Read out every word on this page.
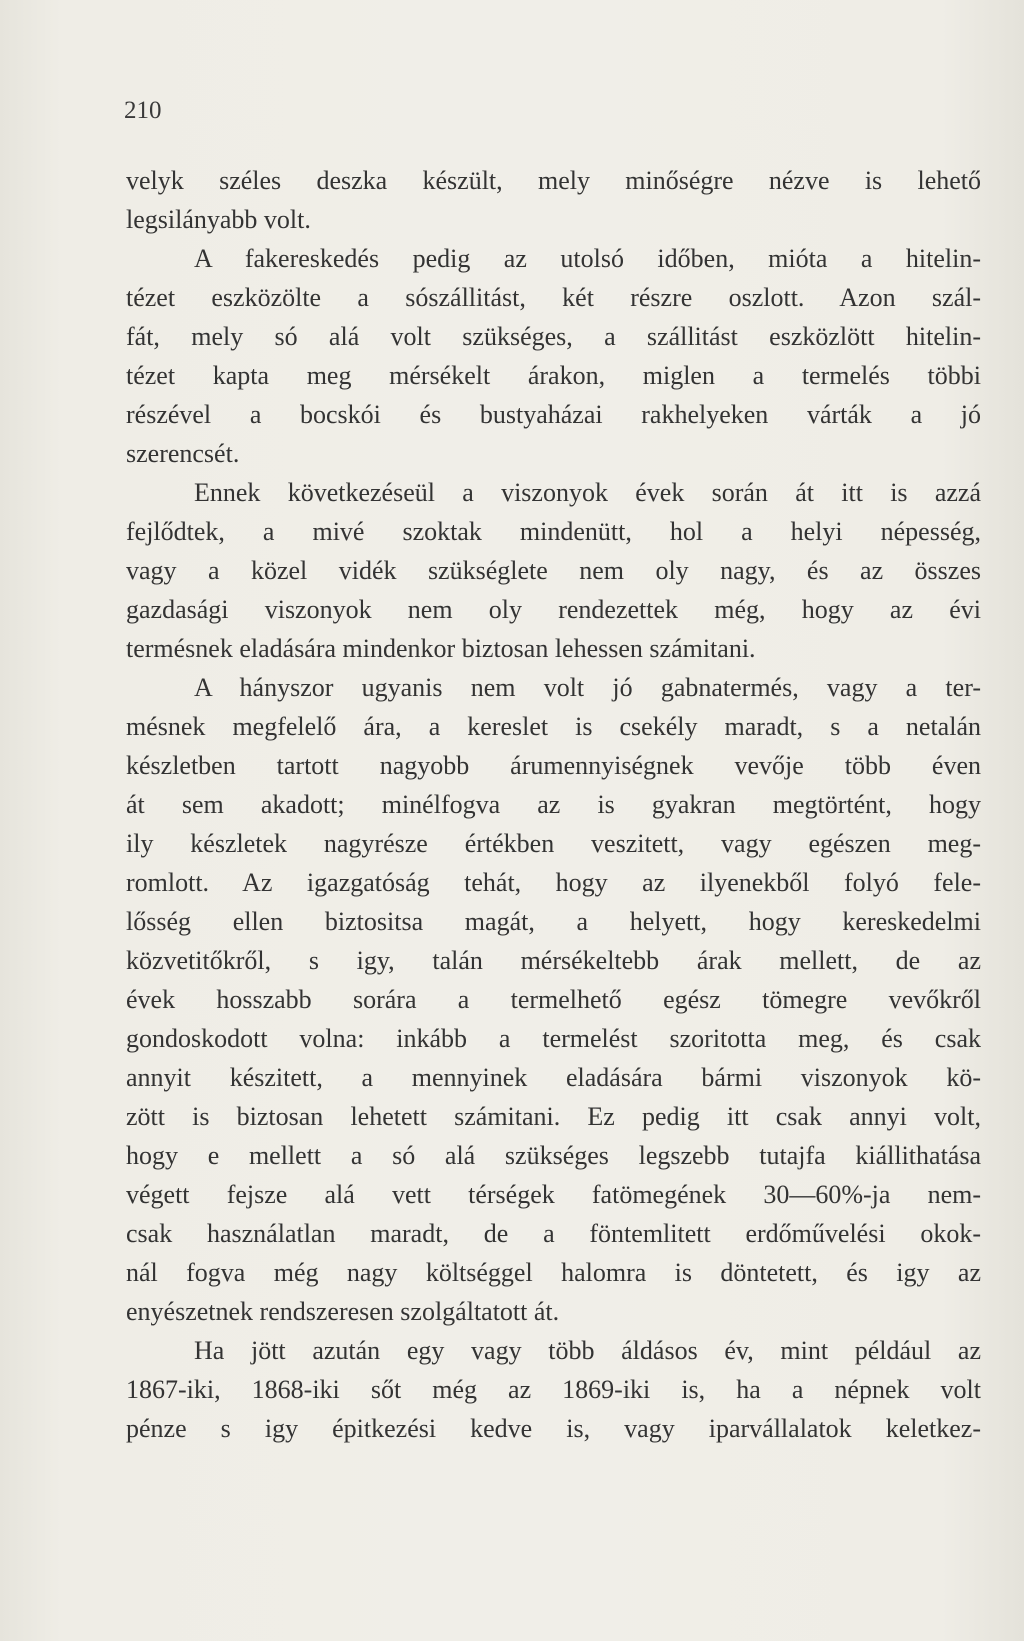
210
velyk széles deszka készült, mely minőségre nézve is lehető
legsilányabb volt.
A fakereskedés pedig az utolsó időben, mióta a hitelin-
tézet eszközölte a sószállitást, két részre oszlott. Azon szál-
fát, mely só alá volt szükséges, a szállitást eszközlött hitelin-
tézet kapta meg mérsékelt árakon, miglen a termelés többi
részével a bocskói és bustyaházai rakhelyeken várták a jó
szerencsét.
Ennek következéseül a viszonyok évek során át itt is azzá
fejlődtek, a mivé szoktak mindenütt, hol a helyi népesség,
vagy a közel vidék szükséglete nem oly nagy, és az összes
gazdasági viszonyok nem oly rendezettek még, hogy az évi
termésnek eladására mindenkor biztosan lehessen számitani.
A hányszor ugyanis nem volt jó gabnatermés, vagy a ter-
mésnek megfelelő ára, a kereslet is csekély maradt, s a netalán
készletben tartott nagyobb árumennyiségnek vevője több éven
át sem akadott; minélfogva az is gyakran megtörtént, hogy
ily készletek nagyrésze értékben veszitett, vagy egészen meg-
romlott. Az igazgatóság tehát, hogy az ilyenekből folyó fele-
lősség ellen biztositsa magát, a helyett, hogy kereskedelmi
közvetitőkről, s igy, talán mérsékeltebb árak mellett, de az
évek hosszabb sorára a termelhető egész tömegre vevőkről
gondoskodott volna: inkább a termelést szoritotta meg, és csak
annyit készitett, a mennyinek eladására bármi viszonyok kö-
zött is biztosan lehetett számitani. Ez pedig itt csak annyi volt,
hogy e mellett a só alá szükséges legszebb tutajfa kiállithatása
végett fejsze alá vett térségek fatömegének 30—60%-ja nem-
csak használatlan maradt, de a föntemlitett erdőművelési okok-
nál fogva még nagy költséggel halomra is döntetett, és igy az
enyészetnek rendszeresen szolgáltatott át.
Ha jött azután egy vagy több áldásos év, mint például az
1867-iki, 1868-iki sőt még az 1869-iki is, ha a népnek volt
pénze s igy épitkezési kedve is, vagy iparvállalatok keletkez-
